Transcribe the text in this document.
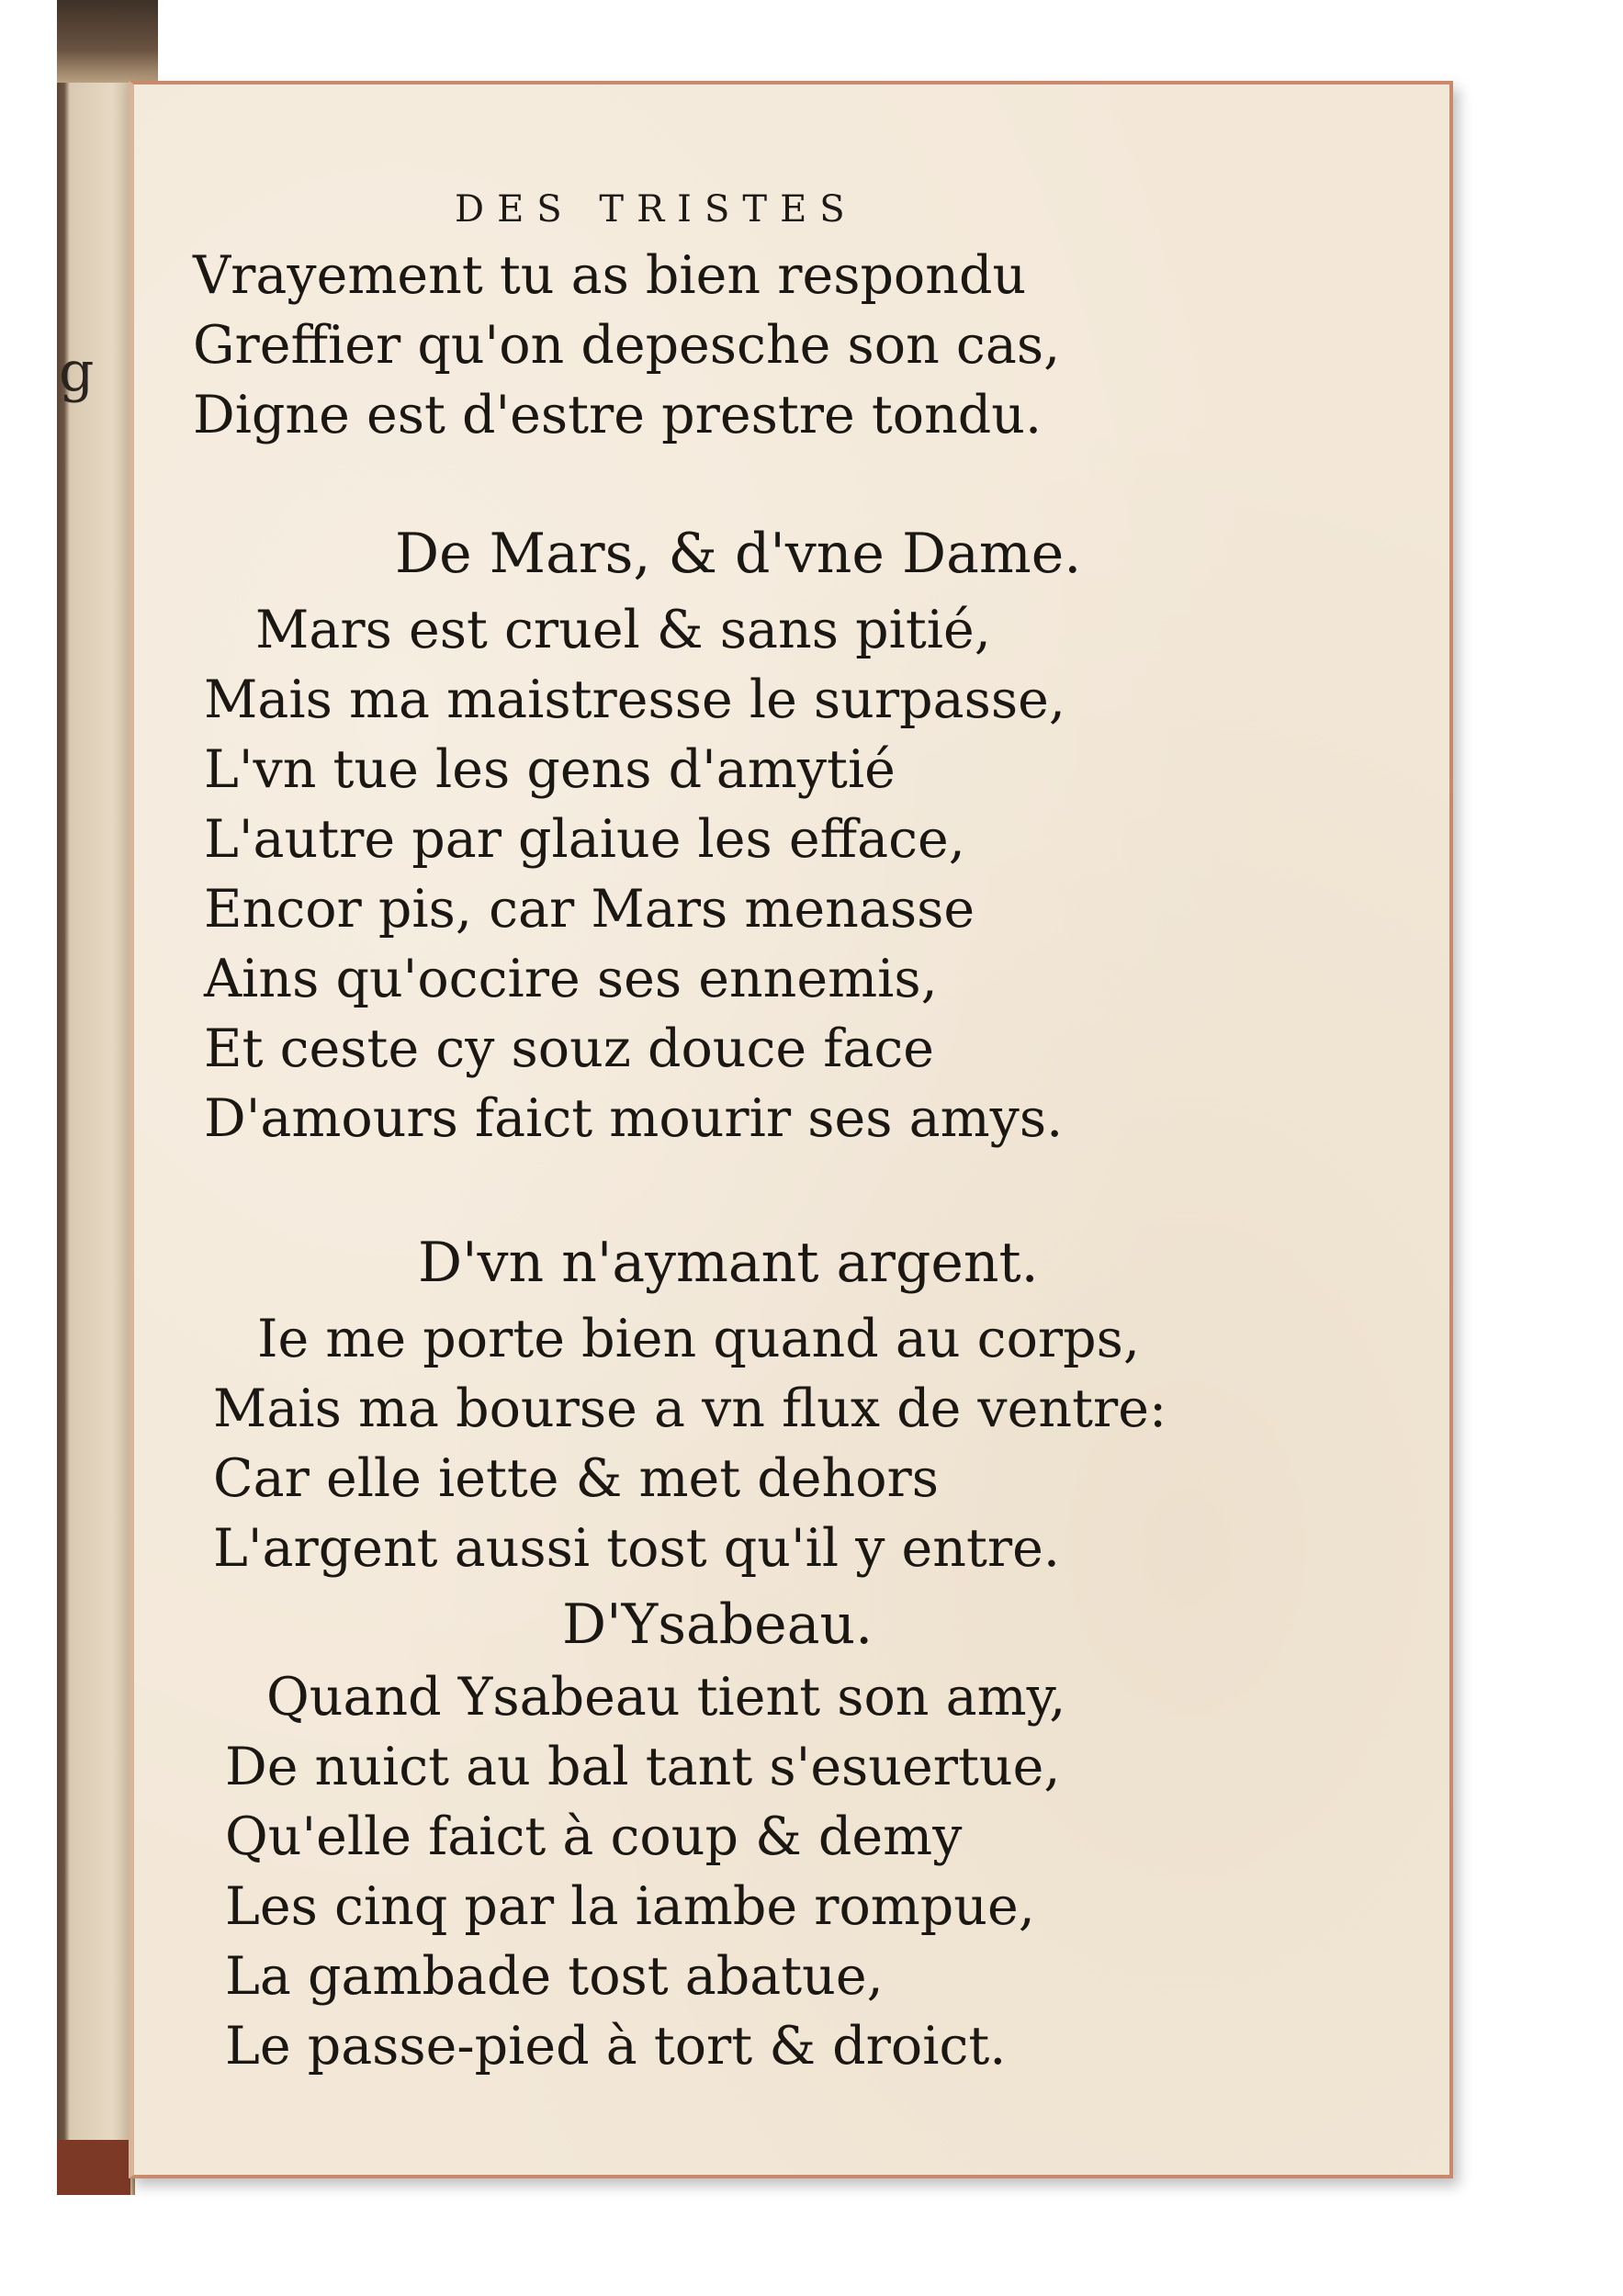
g
DES TRISTES
Vrayement tu as bien respondu
Greffier qu'on depesche son cas,
Digne est d'estre prestre tondu.
De Mars, & d'vne Dame.
Mars est cruel & sans pitié,
Mais ma maistresse le surpasse,
L'vn tue les gens d'amytié
L'autre par glaiue les efface,
Encor pis, car Mars menasse
Ains qu'occire ses ennemis,
Et ceste cy souz douce face
D'amours faict mourir ses amys.
D'vn n'aymant argent.
Ie me porte bien quand au corps,
Mais ma bourse a vn flux de ventre:
Car elle iette & met dehors
L'argent aussi tost qu'il y entre.
D'Ysabeau.
Quand Ysabeau tient son amy,
De nuict au bal tant s'esuertue,
Qu'elle faict à coup & demy
Les cinq par la iambe rompue,
La gambade tost abatue,
Le passe-pied à tort & droict.
